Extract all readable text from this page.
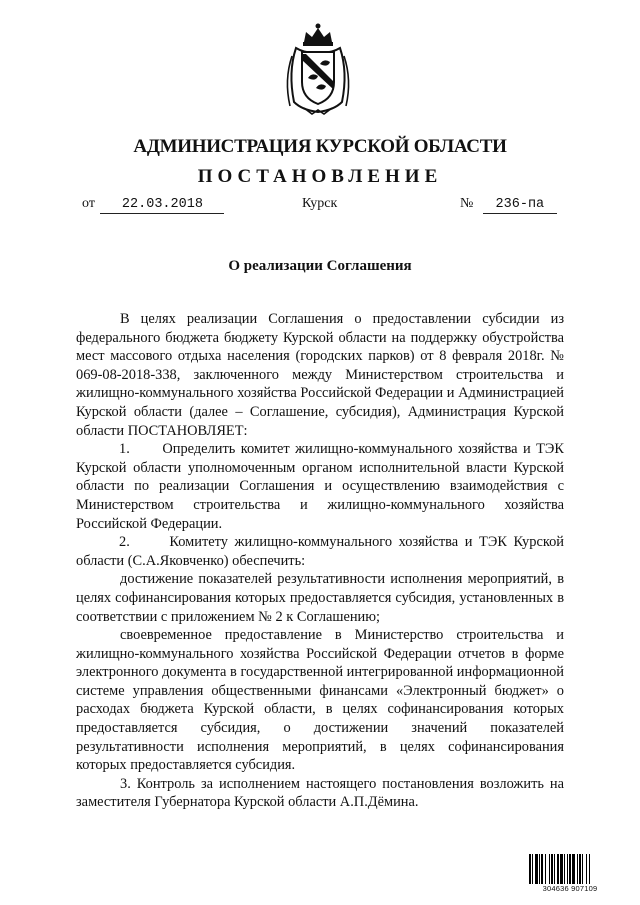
АДМИНИСТРАЦИЯ КУРСКОЙ ОБЛАСТИ
ПОСТАНОВЛЕНИЕ
от 22.03.2018	Курск	№ 236-па
О реализации Соглашения

В целях реализации Соглашения о предоставлении субсидии из федерального бюджета бюджету Курской области на поддержку обустройства мест массового отдыха населения (городских парков) от 8 февраля 2018г. № 069-08-2018-338, заключенного между Министерством строительства и жилищно-коммунального хозяйства Российской Федерации и Администрацией Курской области (далее – Соглашение, субсидия), Администрация Курской области ПОСТАНОВЛЯЕТ:

1.      Определить комитет жилищно-коммунального хозяйства и ТЭК Курской области уполномоченным органом исполнительной власти Курской области по реализации Соглашения и осуществлению взаимодействия с Министерством строительства и жилищно-коммунального хозяйства Российской Федерации.

2.      Комитету жилищно-коммунального хозяйства и ТЭК Курской области (С.А.Яковченко) обеспечить:

достижение показателей результативности исполнения мероприятий, в целях софинансирования которых предоставляется субсидия, установленных в соответствии с приложением № 2 к Соглашению;

своевременное предоставление в Министерство строительства и жилищно-коммунального хозяйства Российской Федерации отчетов в форме электронного документа в государственной интегрированной информационной системе управления общественными финансами «Электронный бюджет» о расходах бюджета Курской области, в целях софинансирования которых предоставляется субсидия, о достижении значений показателей результативности исполнения мероприятий, в целях софинансирования которых предоставляется субсидия.

3. Контроль за исполнением настоящего постановления возложить на заместителя Губернатора Курской области А.П.Дёмина.

304636 907109
